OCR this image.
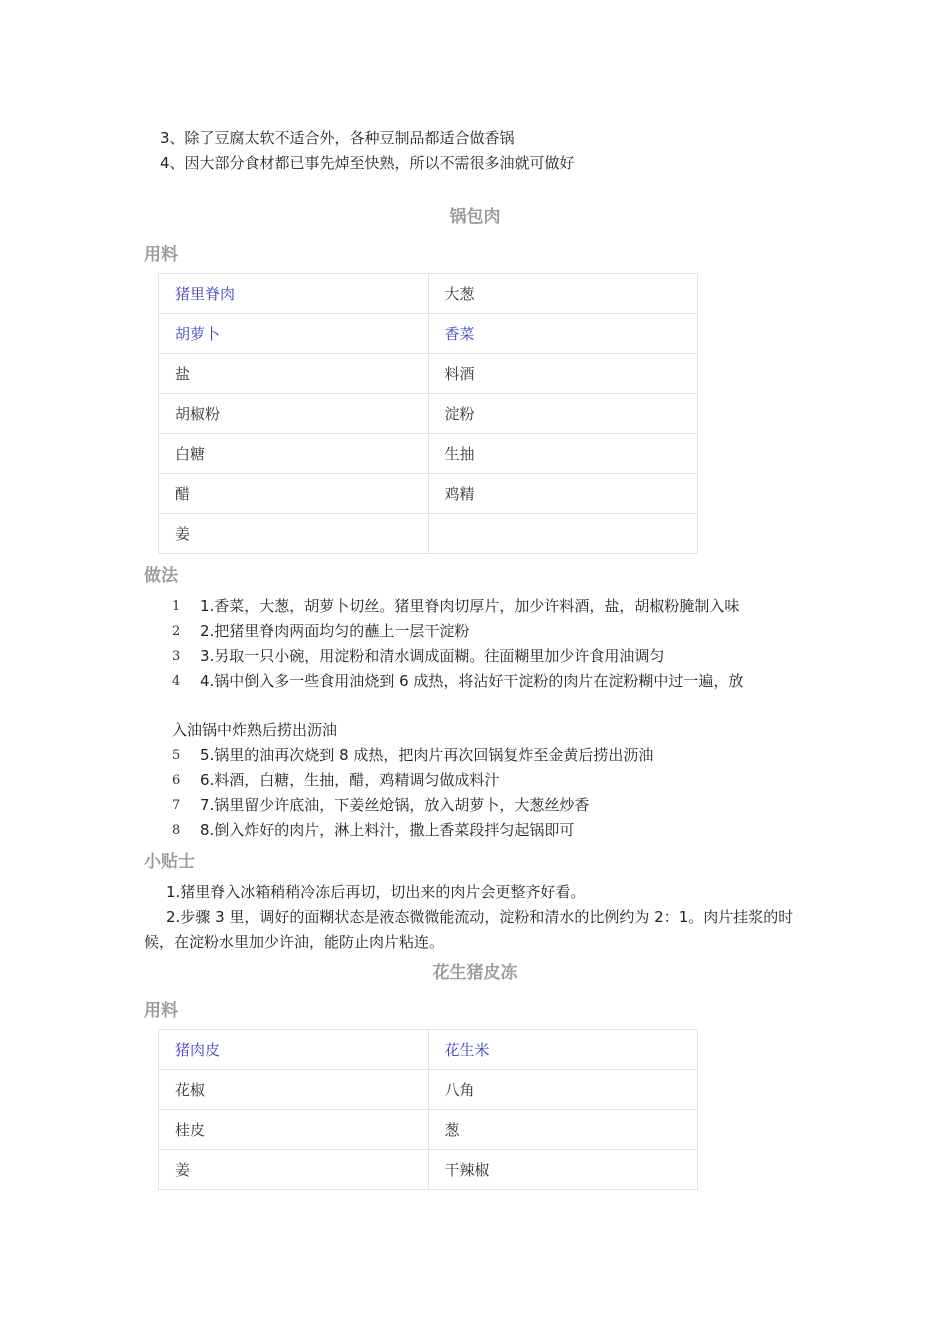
3、除了豆腐太软不适合外，各种豆制品都适合做香锅

4、因大部分食材都已事先焯至快熟，所以不需很多油就可做好

锅包肉
用料
猪里脊肉	大葱
胡萝卜	香菜
盐	料酒
胡椒粉	淀粉
白糖	生抽
醋	鸡精
姜	
做法
1 1.香菜，大葱，胡萝卜切丝。猪里脊肉切厚片，加少许料酒，盐，胡椒粉腌制入味
2 2.把猪里脊肉两面均匀的蘸上一层干淀粉
3 3.另取一只小碗，用淀粉和清水调成面糊。往面糊里加少许食用油调匀
4 4.锅中倒入多一些食用油烧到 6 成热，将沾好干淀粉的肉片在淀粉糊中过一遍，放
入油锅中炸熟后捞出沥油
5 5.锅里的油再次烧到 8 成热，把肉片再次回锅复炸至金黄后捞出沥油
6 6.料酒，白糖，生抽，醋，鸡精调匀做成料汁
7 7.锅里留少许底油，下姜丝炝锅，放入胡萝卜，大葱丝炒香
8 8.倒入炸好的肉片，淋上料汁，撒上香菜段拌匀起锅即可
小贴士

1.猪里脊入冰箱稍稍冷冻后再切，切出来的肉片会更整齐好看。

2.步骤 3 里，调好的面糊状态是液态微微能流动，淀粉和清水的比例约为 2：1。肉片挂浆的时候，在淀粉水里加少许油，能防止肉片粘连。

花生猪皮冻
用料
猪肉皮	花生米
花椒	八角
桂皮	葱
姜	干辣椒
